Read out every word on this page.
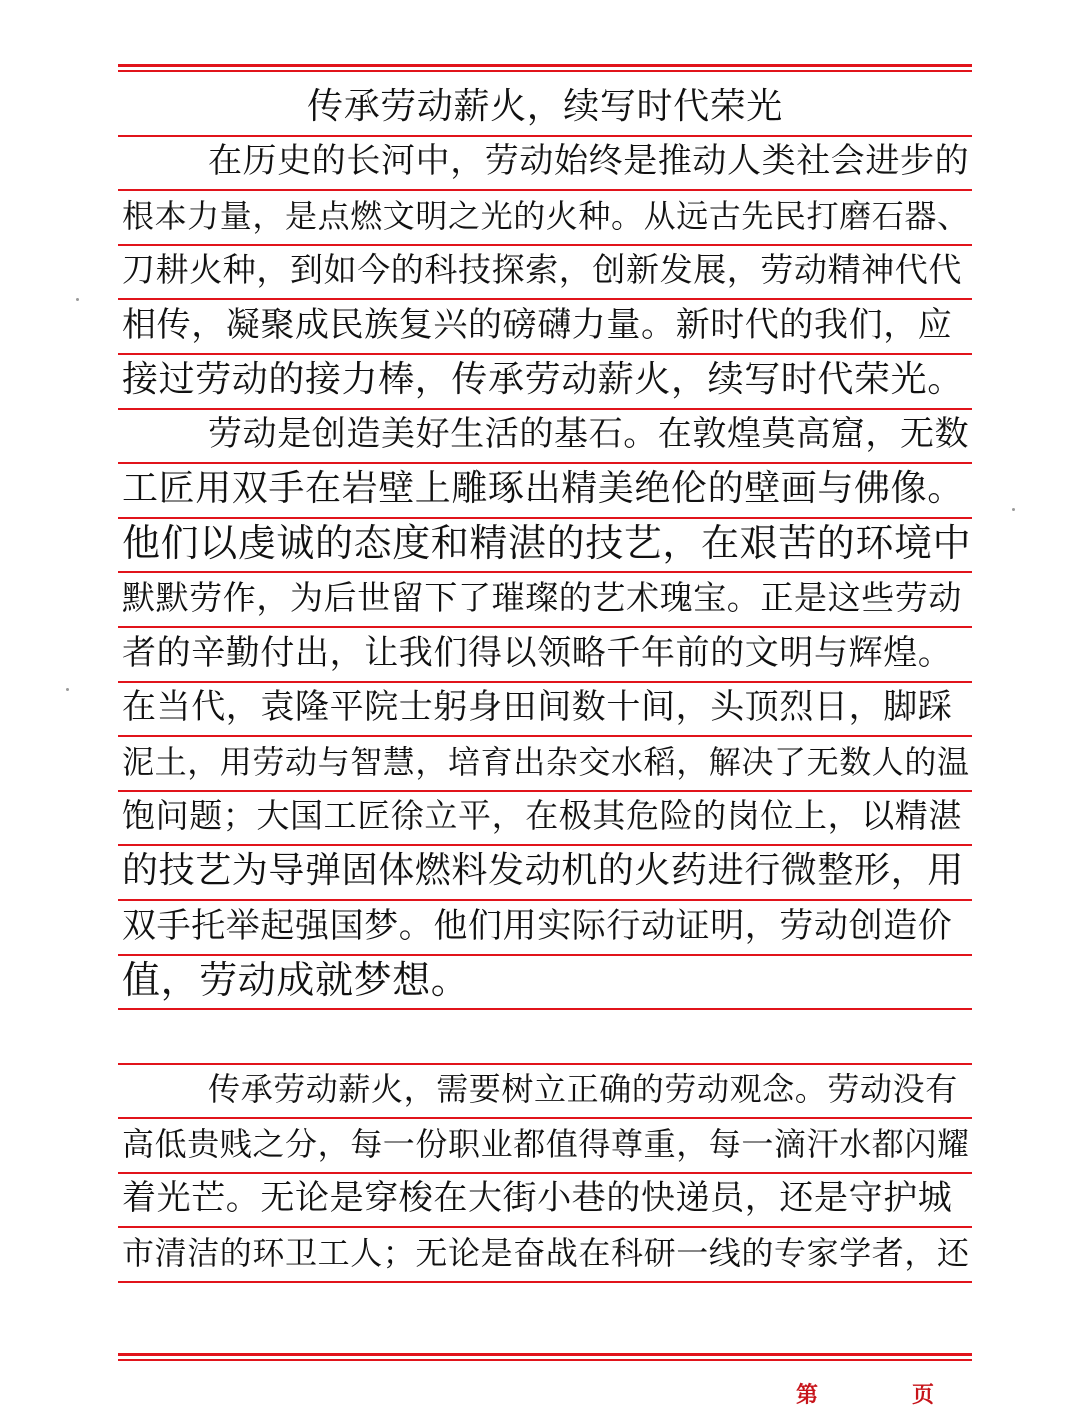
传承劳动薪火，续写时代荣光
在历史的长河中，劳动始终是推动人类社会进步的
根本力量，是点燃文明之光的火种。从远古先民打磨石器、
刀耕火种，到如今的科技探索，创新发展，劳动精神代代
相传，凝聚成民族复兴的磅礴力量。新时代的我们，应
接过劳动的接力棒，传承劳动薪火，续写时代荣光。
劳动是创造美好生活的基石。在敦煌莫高窟，无数
工匠用双手在岩壁上雕琢出精美绝伦的壁画与佛像。
他们以虔诚的态度和精湛的技艺，在艰苦的环境中
默默劳作，为后世留下了璀璨的艺术瑰宝。正是这些劳动
者的辛勤付出，让我们得以领略千年前的文明与辉煌。
在当代，袁隆平院士躬身田间数十间，头顶烈日，脚踩
泥土，用劳动与智慧，培育出杂交水稻，解决了无数人的温
饱问题；大国工匠徐立平，在极其危险的岗位上，以精湛
的技艺为导弹固体燃料发动机的火药进行微整形，用
双手托举起强国梦。他们用实际行动证明，劳动创造价
值，劳动成就梦想。
传承劳动薪火，需要树立正确的劳动观念。劳动没有
高低贵贱之分，每一份职业都值得尊重，每一滴汗水都闪耀
着光芒。无论是穿梭在大街小巷的快递员，还是守护城
市清洁的环卫工人；无论是奋战在科研一线的专家学者，还
第	页
